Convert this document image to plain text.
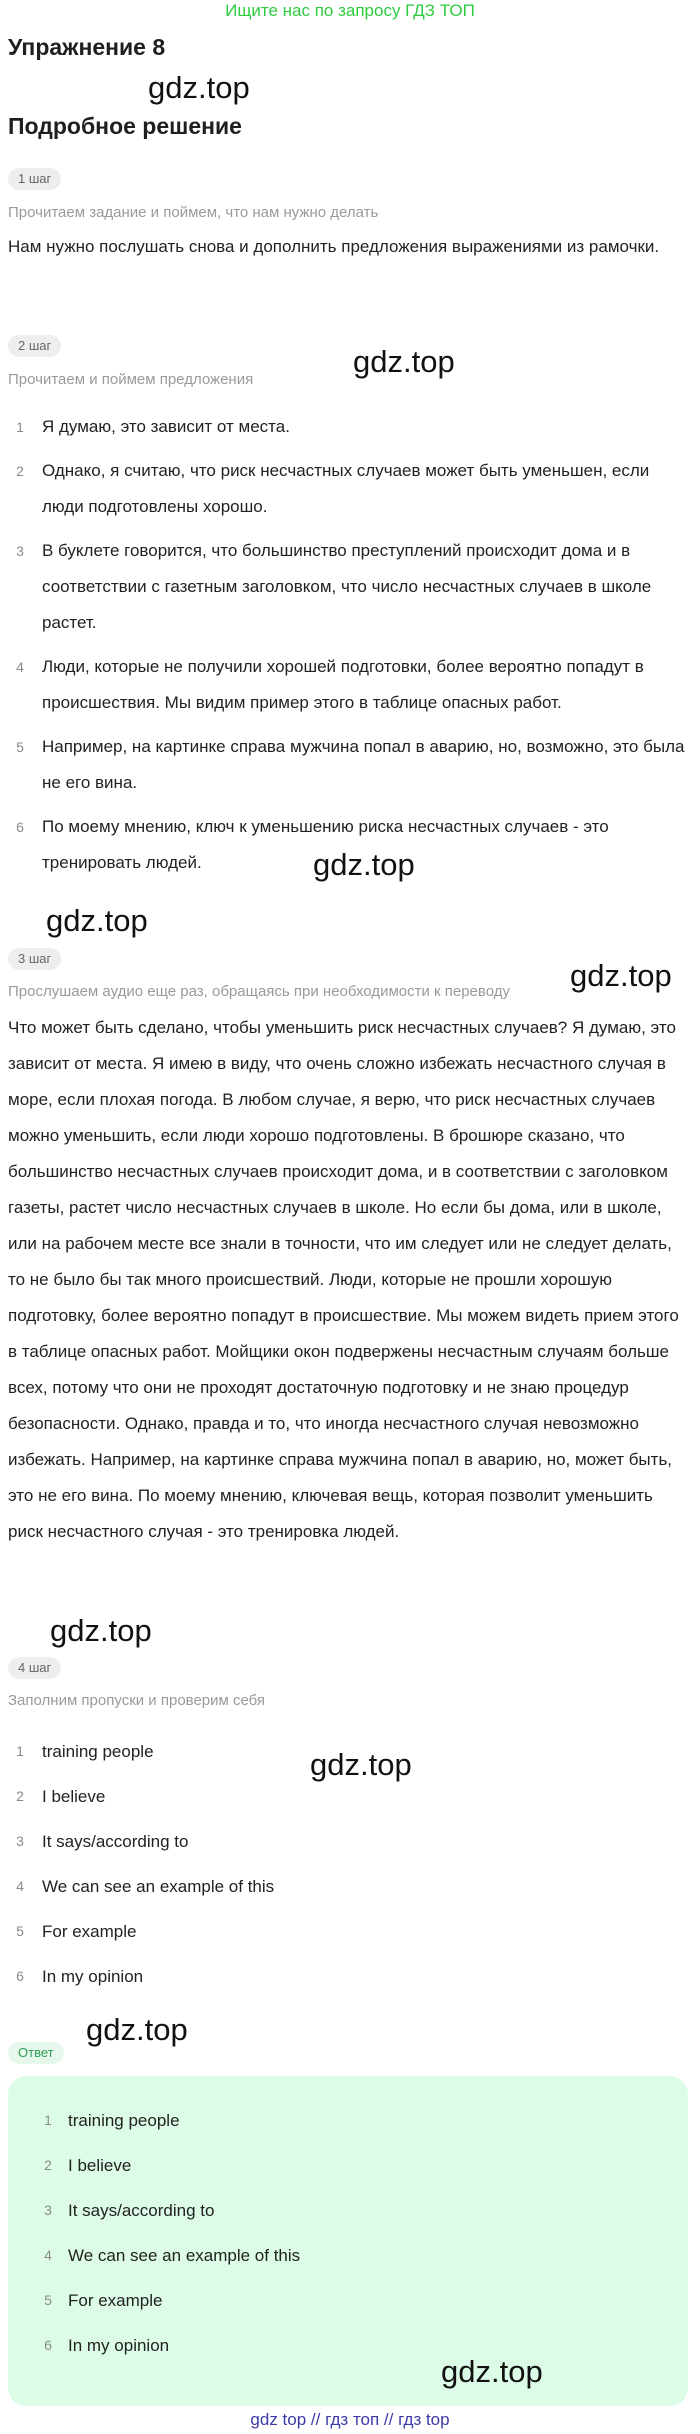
Ищите нас по запросу ГДЗ ТОП
Упражнение 8
Подробное решение
gdz.top
1 шаг
Прочитаем задание и поймем, что нам нужно делать

Нам нужно послушать снова и дополнить предложения выражениями из рамочки.

2 шаг
Прочитаем и поймем предложения
gdz.top
1	Я думаю, это зависит от места.
2	Однако, я считаю, что риск несчастных случаев может быть уменьшен, если люди подготовлены хорошо.
3	В буклете говорится, что большинство преступлений происходит дома и в соответствии с газетным заголовком, что число несчастных случаев в школе растет.
4	Люди, которые не получили хорошей подготовки, более вероятно попадут в происшествия. Мы видим пример этого в таблице опасных работ.
5	Например, на картинке справа мужчина попал в аварию, но, возможно, это была не его вина.
6	По моему мнению, ключ к уменьшению риска несчастных случаев - это тренировать людей.	gdz.top
gdz.top
3 шаг	gdz.top
Прослушаем аудио еще раз, обращаясь при необходимости к переводу

Что может быть сделано, чтобы уменьшить риск несчастных случаев? Я думаю, это зависит от места. Я имею в виду, что очень сложно избежать несчастного случая в море, если плохая погода. В любом случае, я верю, что риск несчастных случаев можно уменьшить, если люди хорошо подготовлены. В брошюре сказано, что большинство несчастных случаев происходит дома, и в соответствии с заголовком газеты, растет число несчастных случаев в школе. Но если бы дома, или в школе, или на рабочем месте все знали в точности, что им следует или не следует делать, то не было бы так много происшествий. Люди, которые не прошли хорошую подготовку, более вероятно попадут в происшествие. Мы можем видеть прием этого в таблице опасных работ. Мойщики окон подвержены несчастным случаям больше всех, потому что они не проходят достаточную подготовку и не знаю процедур безопасности. Однако, правда и то, что иногда несчастного случая невозможно избежать. Например, на картинке справа мужчина попал в аварию, но, может быть, это не его вина. По моему мнению, ключевая вещь, которая позволит уменьшить риск несчастного случая - это тренировка людей.

gdz.top
4 шаг
Заполним пропуски и проверим себя
gdz.top
1	training people
2	I believe
3	It says/according to
4	We can see an example of this
5	For example
6	In my opinion
gdz.top
Ответ
1 training people
2 I believe
3 It says/according to
4 We can see an example of this
5 For example
6 In my opinion
gdz.top
gdz top // гдз топ // гдз top
